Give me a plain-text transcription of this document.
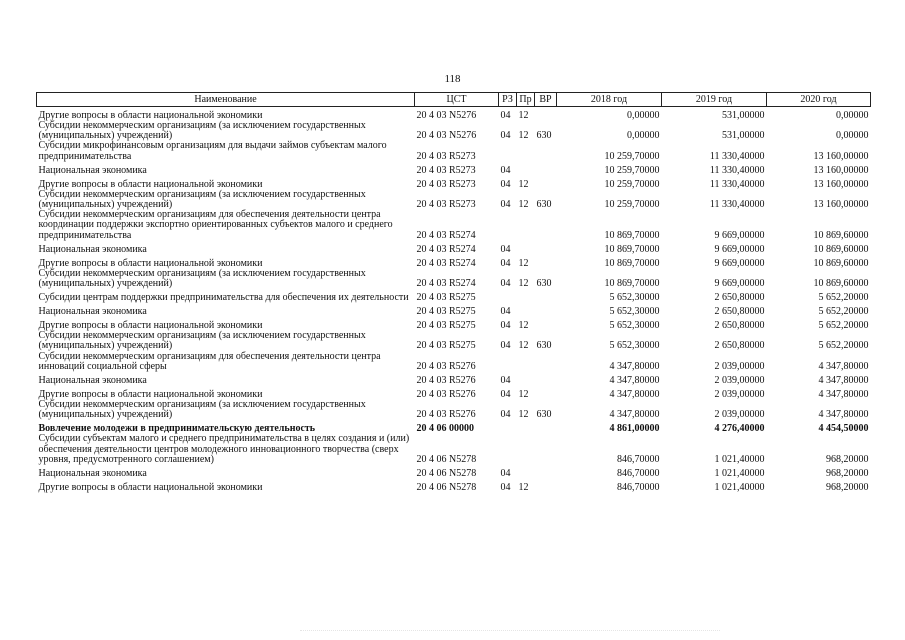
118
Наименование	ЦСТ	РЗ	Пр	ВР	2018 год	2019 год	2020 год
Другие вопросы в области национальной экономики	20 4 03 N5276	04	12		0,00000	531,00000	0,00000
Субсидии некоммерческим организациям (за исключением государственных (муниципальных) учреждений)	20 4 03 N5276	04	12	630	0,00000	531,00000	0,00000
Субсидии микрофинансовым организациям для выдачи займов субъектам малого предпринимательства	20 4 03 R5273				10 259,70000	11 330,40000	13 160,00000
Национальная экономика	20 4 03 R5273	04			10 259,70000	11 330,40000	13 160,00000
Другие вопросы в области национальной экономики	20 4 03 R5273	04	12		10 259,70000	11 330,40000	13 160,00000
Субсидии некоммерческим организациям (за исключением государственных (муниципальных) учреждений)	20 4 03 R5273	04	12	630	10 259,70000	11 330,40000	13 160,00000
Субсидии некоммерческим организациям для обеспечения деятельности центра координации поддержки экспортно ориентированных субъектов малого и среднего предпринимательства	20 4 03 R5274				10 869,70000	9 669,00000	10 869,60000
Национальная экономика	20 4 03 R5274	04			10 869,70000	9 669,00000	10 869,60000
Другие вопросы в области национальной экономики	20 4 03 R5274	04	12		10 869,70000	9 669,00000	10 869,60000
Субсидии некоммерческим организациям (за исключением государственных (муниципальных) учреждений)	20 4 03 R5274	04	12	630	10 869,70000	9 669,00000	10 869,60000
Субсидии центрам поддержки предпринимательства для обеспечения их деятельности	20 4 03 R5275				5 652,30000	2 650,80000	5 652,20000
Национальная экономика	20 4 03 R5275	04			5 652,30000	2 650,80000	5 652,20000
Другие вопросы в области национальной экономики	20 4 03 R5275	04	12		5 652,30000	2 650,80000	5 652,20000
Субсидии некоммерческим организациям (за исключением государственных (муниципальных) учреждений)	20 4 03 R5275	04	12	630	5 652,30000	2 650,80000	5 652,20000
Субсидии некоммерческим организациям для обеспечения деятельности центра инноваций социальной сферы	20 4 03 R5276				4 347,80000	2 039,00000	4 347,80000
Национальная экономика	20 4 03 R5276	04			4 347,80000	2 039,00000	4 347,80000
Другие вопросы в области национальной экономики	20 4 03 R5276	04	12		4 347,80000	2 039,00000	4 347,80000
Субсидии некоммерческим организациям (за исключением государственных (муниципальных) учреждений)	20 4 03 R5276	04	12	630	4 347,80000	2 039,00000	4 347,80000
Вовлечение молодежи в предпринимательскую деятельность	20 4 06 00000				4 861,00000	4 276,40000	4 454,50000
Субсидии субъектам малого и среднего предпринимательства в целях создания и (или) обеспечения деятельности центров молодежного инновационного творчества (сверх уровня, предусмотренного соглашением)	20 4 06 N5278				846,70000	1 021,40000	968,20000
Национальная экономика	20 4 06 N5278	04			846,70000	1 021,40000	968,20000
Другие вопросы в области национальной экономики	20 4 06 N5278	04	12		846,70000	1 021,40000	968,20000
